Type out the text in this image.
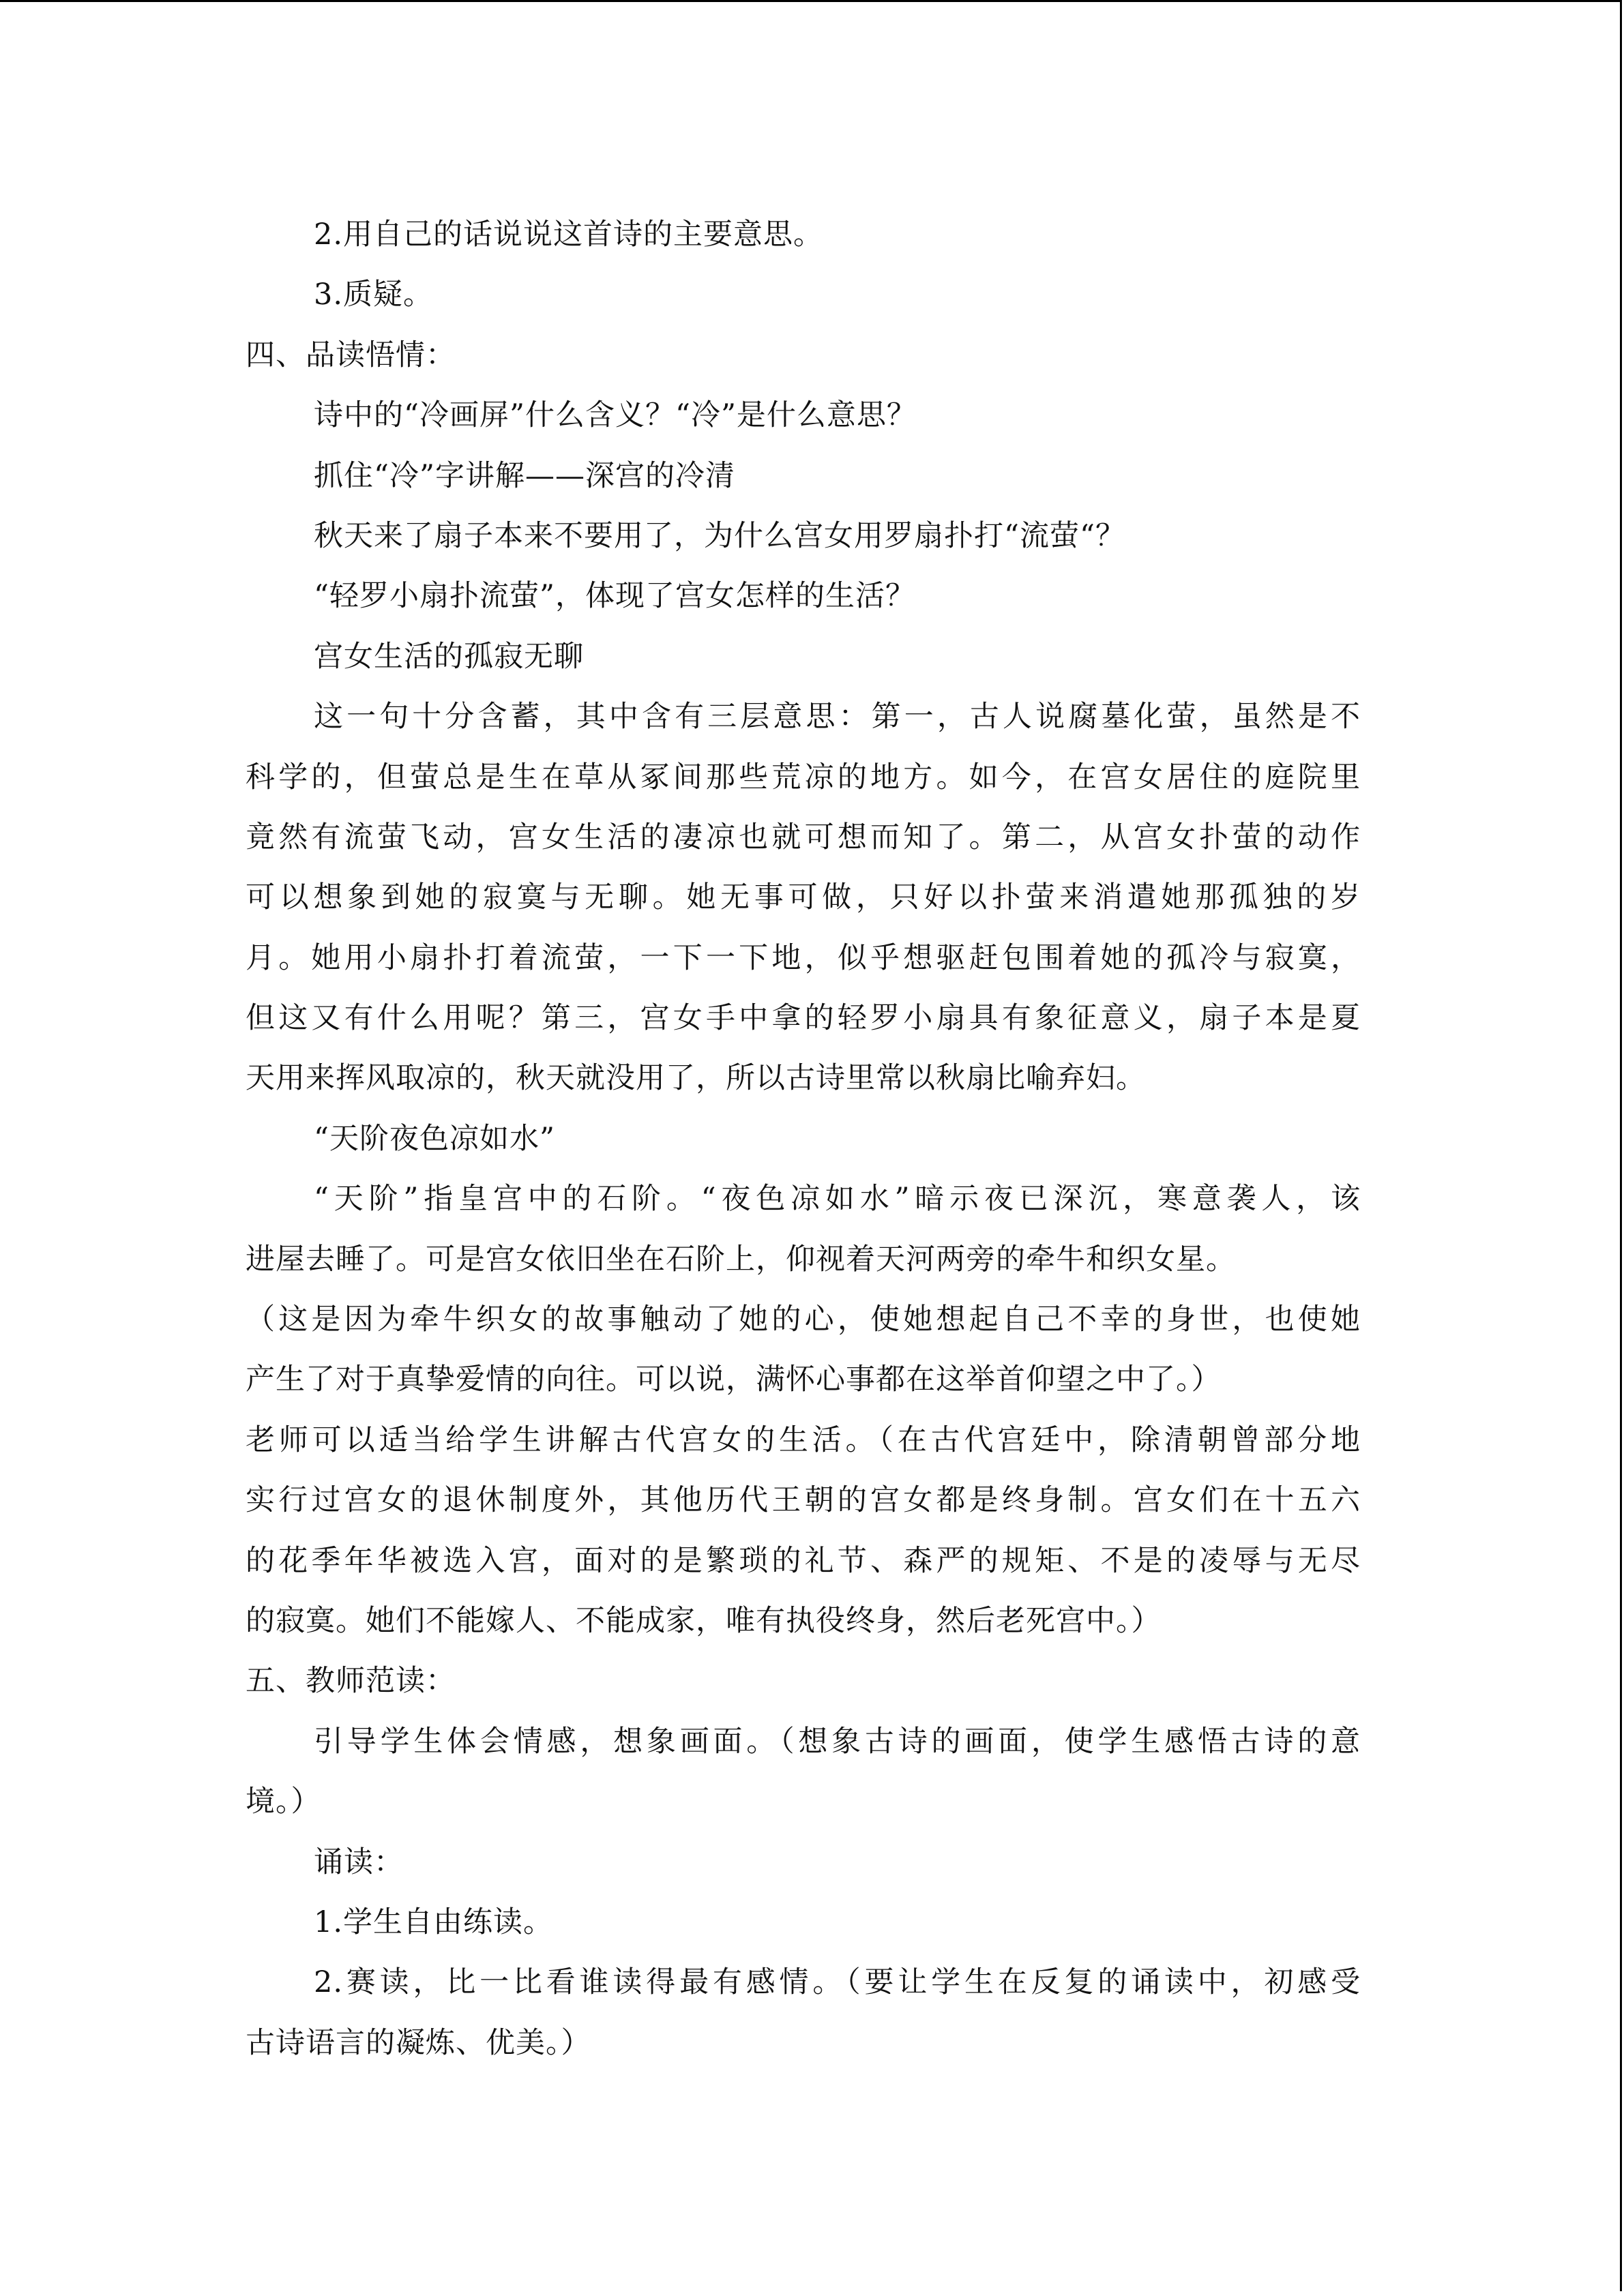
2.用自己的话说说这首诗的主要意思。
3.质疑。
四、品读悟情：
诗中的“冷画屏”什么含义？“冷”是什么意思？
抓住“冷”字讲解——深宫的冷清
秋天来了扇子本来不要用了，为什么宫女用罗扇扑打“流萤“？
“轻罗小扇扑流萤”，体现了宫女怎样的生活？
宫女生活的孤寂无聊
这一句十分含蓄，其中含有三层意思：第一，古人说腐墓化萤，虽然是不
科学的，但萤总是生在草从冢间那些荒凉的地方。如今，在宫女居住的庭院里
竟然有流萤飞动，宫女生活的凄凉也就可想而知了。第二，从宫女扑萤的动作
可以想象到她的寂寞与无聊。她无事可做，只好以扑萤来消遣她那孤独的岁
月。她用小扇扑打着流萤，一下一下地，似乎想驱赶包围着她的孤冷与寂寞，
但这又有什么用呢？第三，宫女手中拿的轻罗小扇具有象征意义，扇子本是夏
天用来挥风取凉的，秋天就没用了，所以古诗里常以秋扇比喻弃妇。
“天阶夜色凉如水”
“天阶”指皇宫中的石阶。“夜色凉如水”暗示夜已深沉，寒意袭人，该
进屋去睡了。可是宫女依旧坐在石阶上，仰视着天河两旁的牵牛和织女星。
（这是因为牵牛织女的故事触动了她的心，使她想起自己不幸的身世，也使她
产生了对于真挚爱情的向往。可以说，满怀心事都在这举首仰望之中了。）
老师可以适当给学生讲解古代宫女的生活。（在古代宫廷中，除清朝曾部分地
实行过宫女的退休制度外，其他历代王朝的宫女都是终身制。宫女们在十五六
的花季年华被选入宫，面对的是繁琐的礼节、森严的规矩、不是的凌辱与无尽
的寂寞。她们不能嫁人、不能成家，唯有执役终身，然后老死宫中。）
五、教师范读：
引导学生体会情感，想象画面。（想象古诗的画面，使学生感悟古诗的意
境。）
诵读：
1.学生自由练读。
2.赛读，比一比看谁读得最有感情。（要让学生在反复的诵读中，初感受
古诗语言的凝炼、优美。）
